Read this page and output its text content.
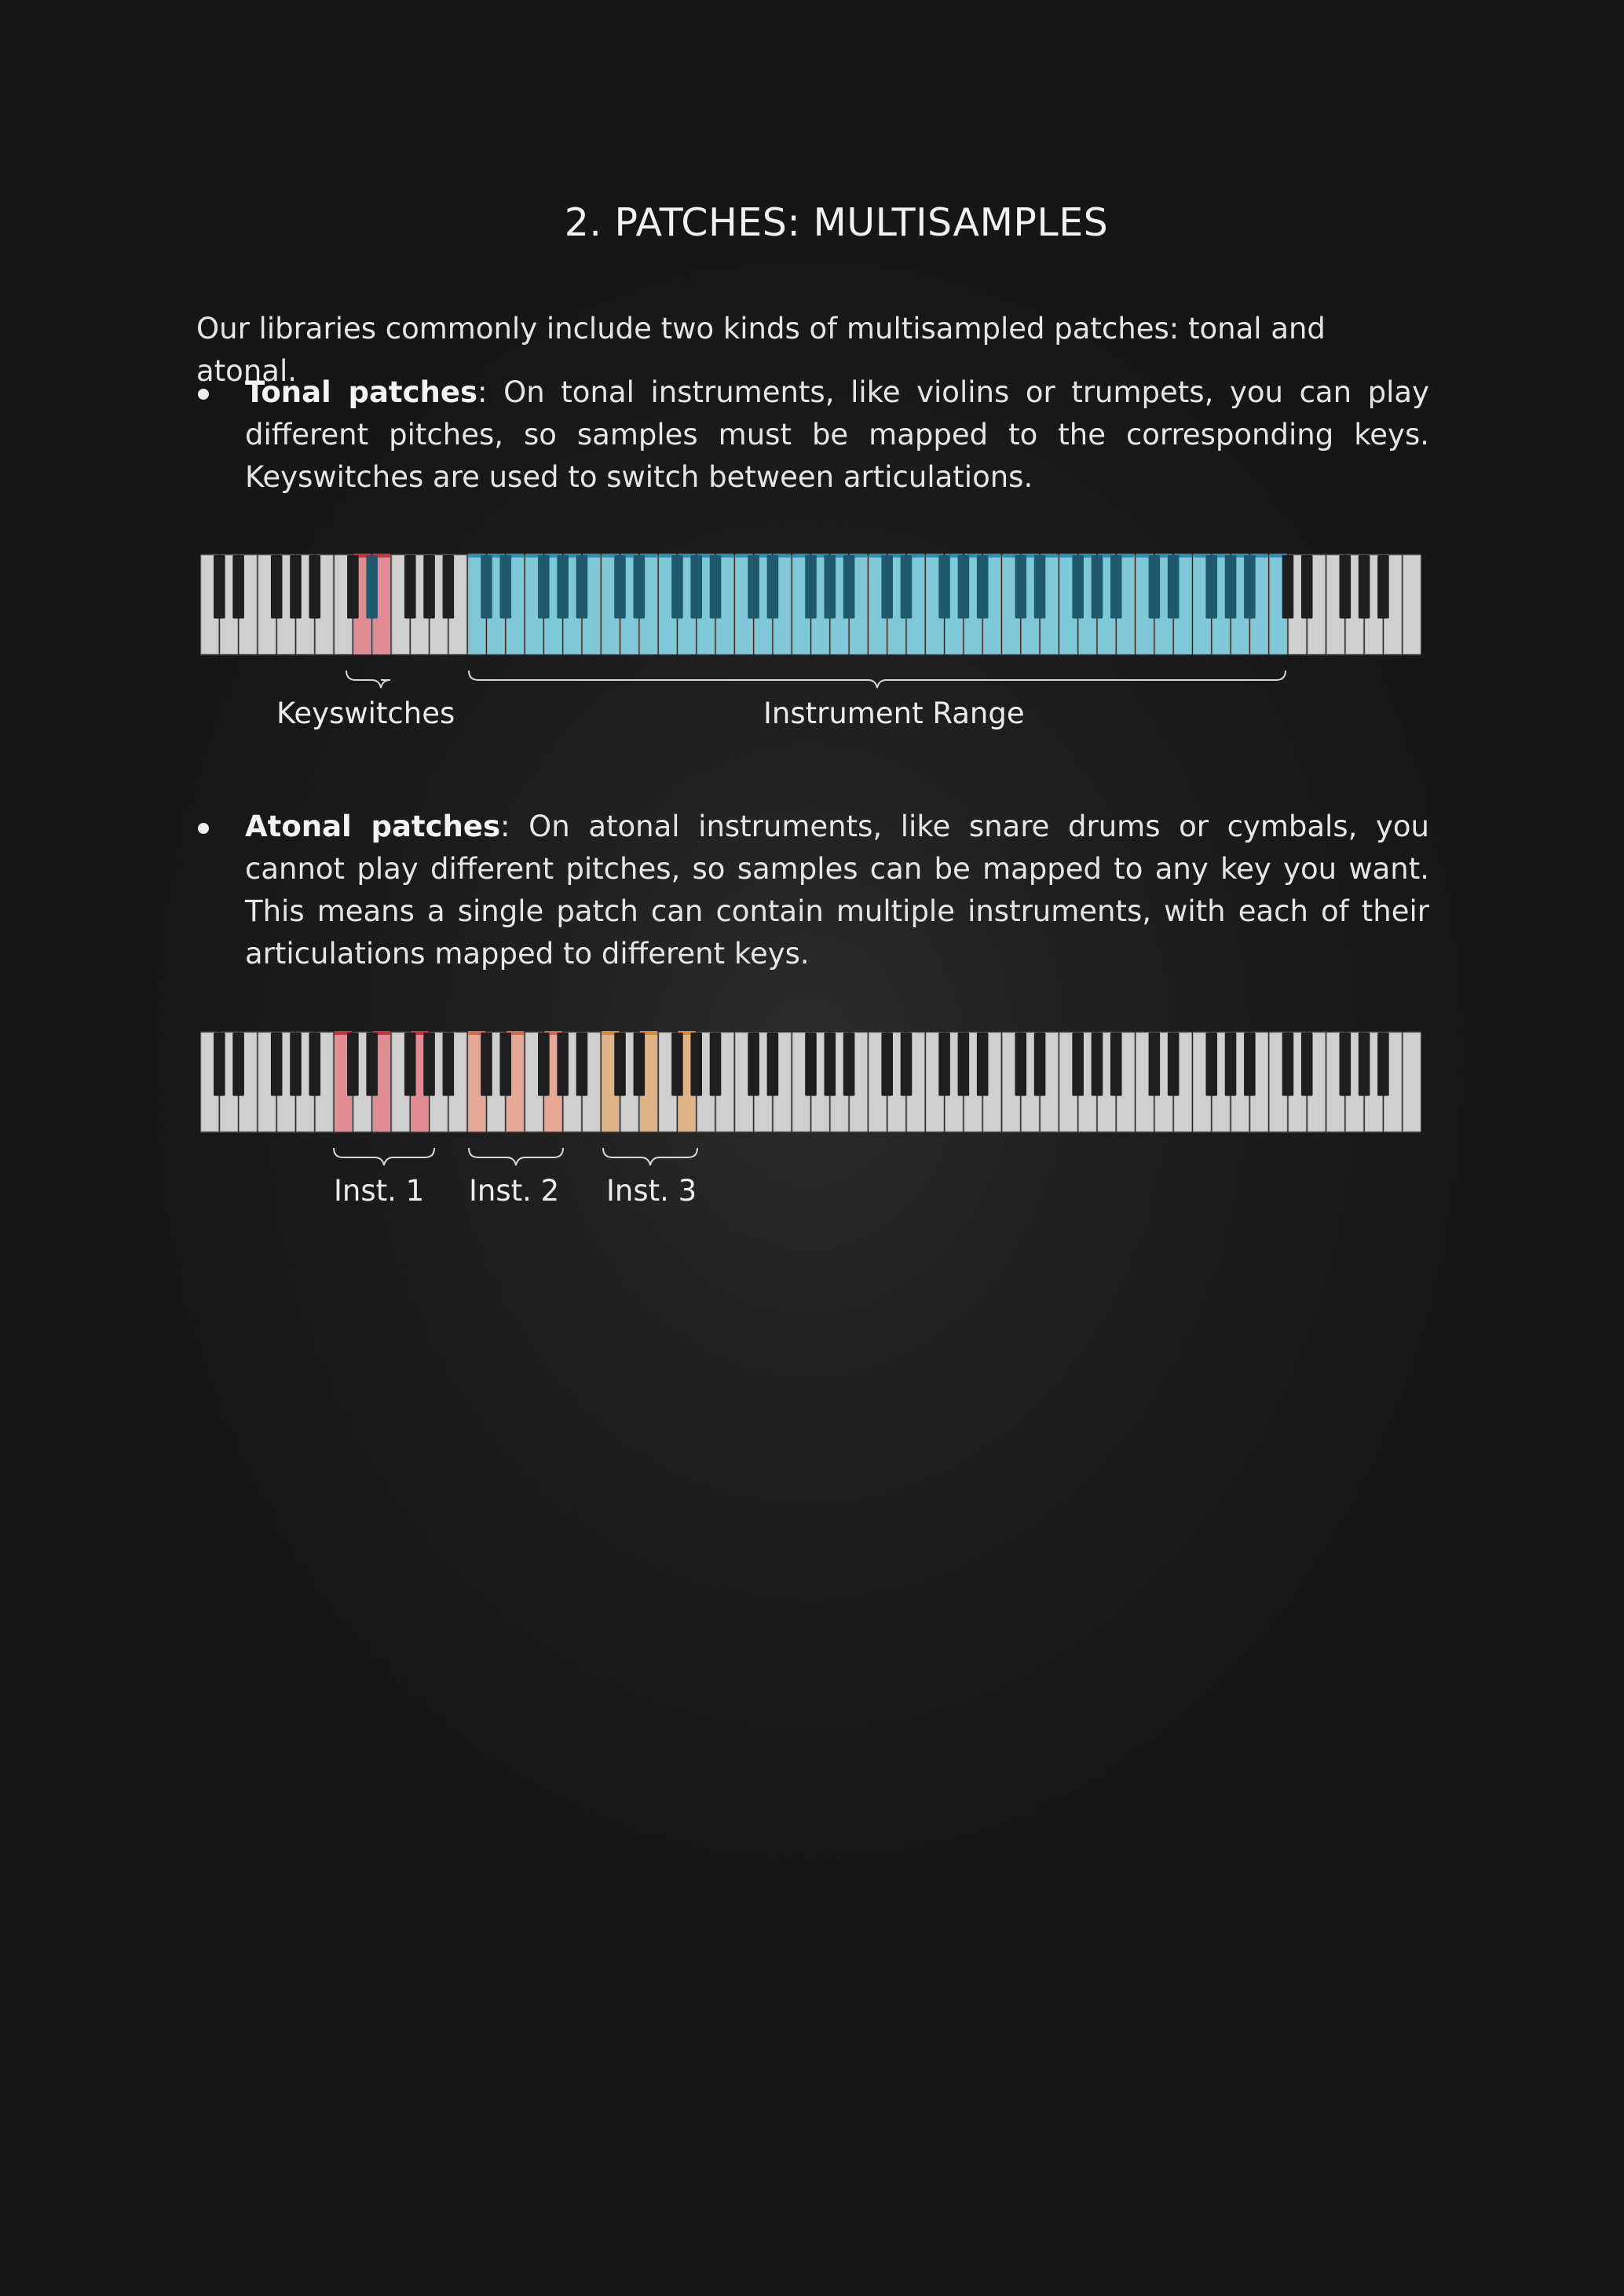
2. PATCHES: MULTISAMPLES
Our libraries commonly include two kinds of multisampled patches: tonal and atonal.
Tonal patches: On tonal instruments, like violins or trumpets, you can play different pitches, so samples must be mapped to the corresponding keys. Keyswitches are used to switch between articulations.
Keyswitches	Instrument Range
Atonal patches: On atonal instruments, like snare drums or cymbals, you cannot play different pitches, so samples can be mapped to any key you want. This means a single patch can contain multiple instruments, with each of their articulations mapped to different keys.
Inst. 1 Inst. 2 Inst. 3
